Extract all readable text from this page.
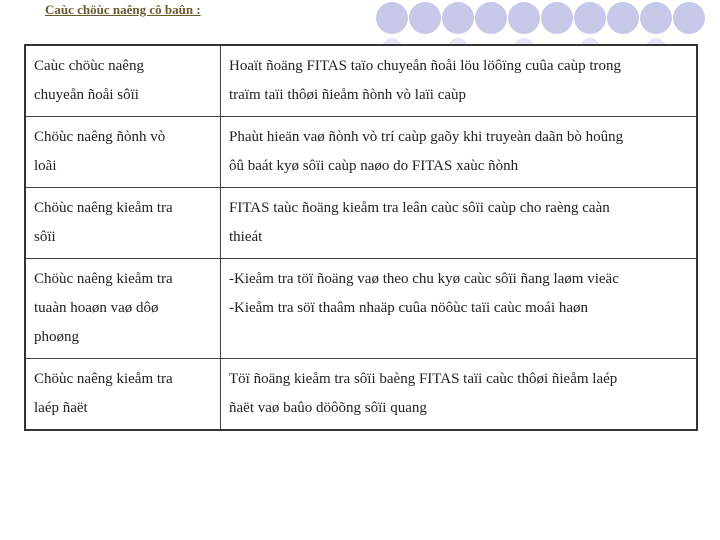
Caùc chöùc naêng cô baûn :
Caùc chöùc naêng
chuyeån ñoåi sôïi	Hoaït ñoäng FITAS taïo chuyeån ñoåi löu löôïng cuûa caùp trong
traïm taïi thôøi ñieåm ñònh vò laïi caùp

Chöùc naêng ñònh vò
loãi	Phaùt hieän vaø ñònh vò trí caùp gaõy khi truyeàn daãn bò hoûng
ôû baát kyø sôïi caùp naøo do FITAS xaùc ñònh

Chöùc naêng kieåm tra
sôïi	FITAS taùc ñoäng kieåm tra leân caùc sôïi caùp cho raèng caàn
thieát

Chöùc naêng kieåm tra
tuaàn hoaøn vaø dôø
phoøng	-Kieåm tra töï ñoäng vaø theo chu kyø caùc sôïi ñang laøm vieäc
-Kieåm tra söï thaâm nhaäp cuûa nöôùc taïi caùc moái haøn

Chöùc naêng kieåm tra
laép ñaët	Töï ñoäng kieåm tra sôïi baèng FITAS taïi caùc thôøi ñieåm laép
ñaët vaø baûo döôõng sôïi quang
